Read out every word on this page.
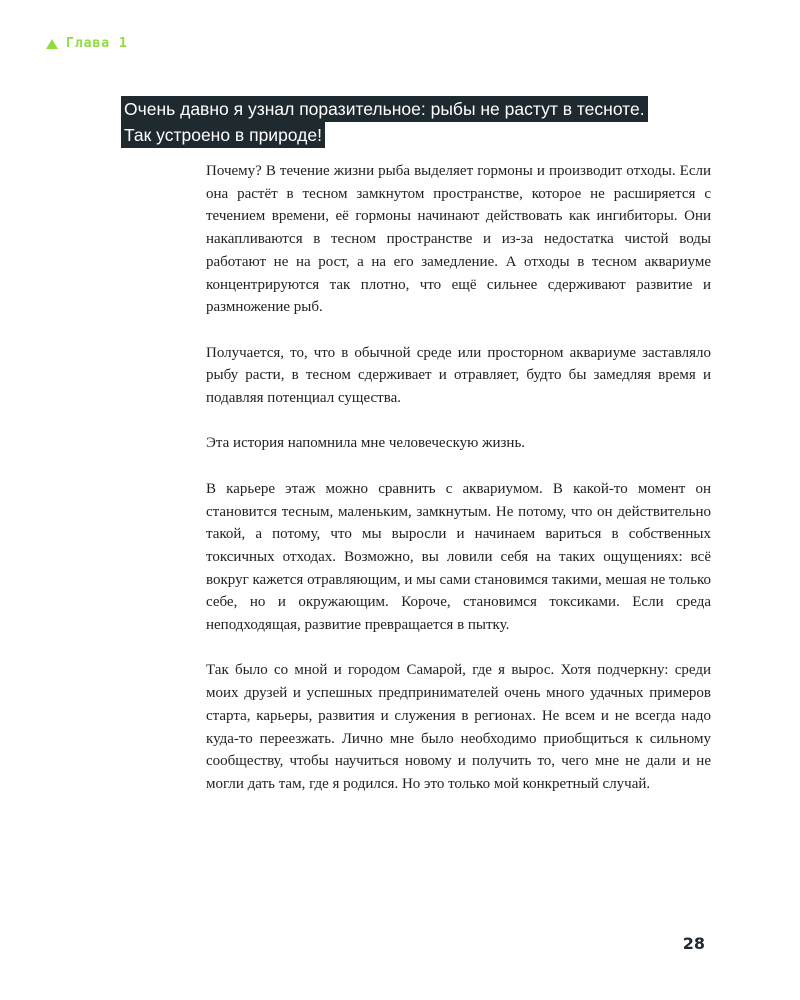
Глава 1
Очень давно я узнал поразительное: рыбы не растут в тесноте.
Так устроено в природе!

Почему? В течение жизни рыба выделяет гормоны и производит отходы. Если она растёт в тесном замкнутом пространстве, которое не расширяется с течением времени, её гормоны начинают действовать как ингибиторы. Они накапливаются в тесном пространстве и из-за недостатка чистой воды работают не на рост, а на его замедление. А отходы в тесном аквариуме концентрируются так плотно, что ещё сильнее сдерживают развитие и размножение рыб.

Получается, то, что в обычной среде или просторном аквариуме заставляло рыбу расти, в тесном сдерживает и отравляет, будто бы замедляя время и подавляя потенциал существа.

Эта история напомнила мне человеческую жизнь.

В карьере этаж можно сравнить с аквариумом. В какой-то момент он становится тесным, маленьким, замкнутым. Не потому, что он действительно такой, а потому, что мы выросли и начинаем вариться в собственных токсичных отходах. Возможно, вы ловили себя на таких ощущениях: всё вокруг кажется отравляющим, и мы сами становимся такими, мешая не только себе, но и окружающим. Короче, становимся токсиками. Если среда неподходящая, развитие превращается в пытку.

Так было со мной и городом Самарой, где я вырос. Хотя подчеркну: среди моих друзей и успешных предпринимателей очень много удачных примеров старта, карьеры, развития и служения в регионах. Не всем и не всегда надо куда-то переезжать. Лично мне было необходимо приобщиться к сильному сообществу, чтобы научиться новому и получить то, чего мне не дали и не могли дать там, где я родился. Но это только мой конкретный случай.

28
